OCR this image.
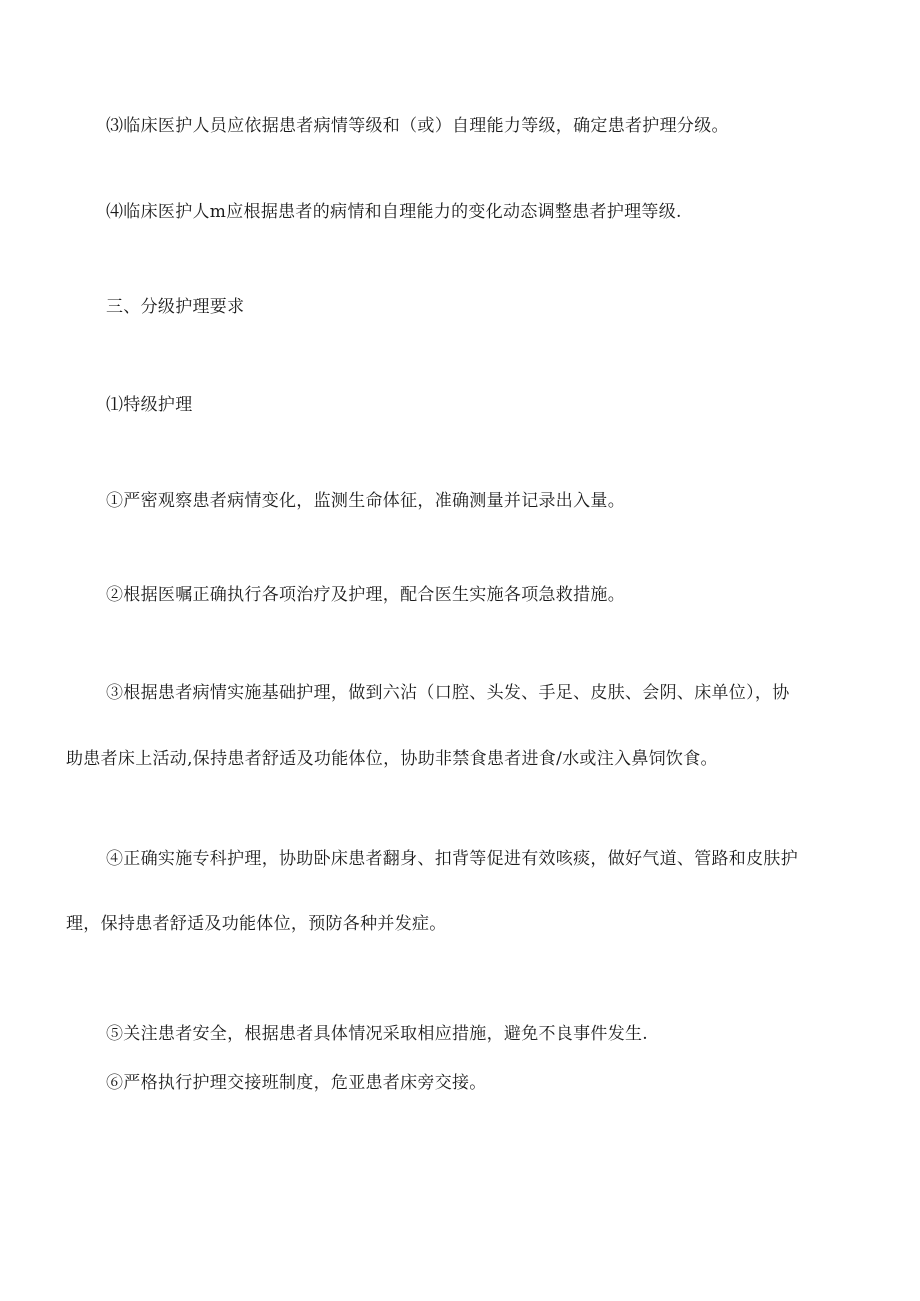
⑶临床医护人员应依据患者病情等级和（或）自理能力等级，确定患者护理分级。
⑷临床医护人m应根据患者的病情和自理能力的变化动态调整患者护理等级.
三、分级护理要求
⑴特级护理
①严密观察患者病情变化，监测生命体征，准确测量并记录出入量。
②根据医嘱正确执行各项治疗及护理，配合医生实施各项急救措施。
③根据患者病情实施基础护理，做到六沾（口腔、头发、手足、皮肤、会阴、床单位），协
助患者床上活动,保持患者舒适及功能体位，协助非禁食患者进食/水或注入鼻饲饮食。
④正确实施专科护理，协助卧床患者翻身、扣背等促进有效咳痰，做好气道、管路和皮肤护
理，保持患者舒适及功能体位，预防各种并发症。
⑤关注患者安全，根据患者具体情况采取相应措施，避免不良事件发生.
⑥严格执行护理交接班制度，危亚患者床旁交接。
